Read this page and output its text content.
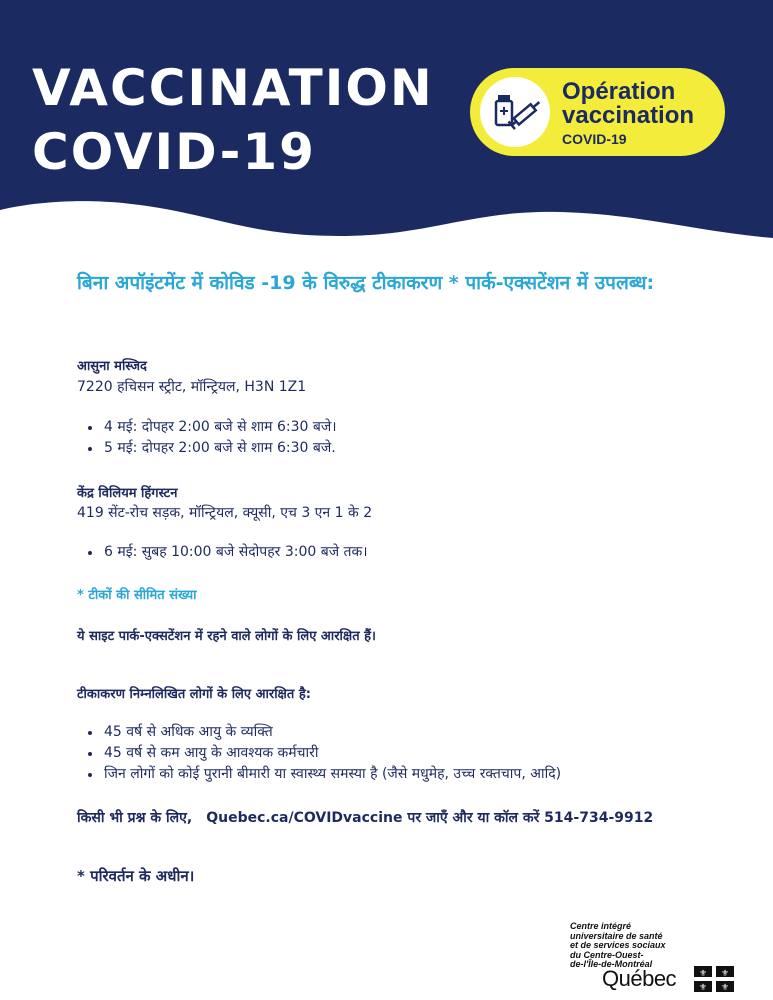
VACCINATION
COVID-19
Opération
vaccination
COVID-19
बिना अपॉइंटमेंट में कोविड -19 के विरुद्ध टीकाकरण * पार्क-एक्सटेंशन में उपलब्ध:
आसुना मस्जिद
7220 हचिसन स्ट्रीट, मॉन्ट्रियल, H3N 1Z1
4 मई: दोपहर 2:00 बजे से शाम 6:30 बजे।
5 मई: दोपहर 2:00 बजे से शाम 6:30 बजे.
केंद्र विलियम हिंगस्टन
419 सेंट-रोच सड़क, मॉन्ट्रियल, क्यूसी, एच 3 एन 1 के 2
6 मई: सुबह 10:00 बजे सेदोपहर 3:00 बजे तक।
* टीकों की सीमित संख्या
ये साइट पार्क-एक्सटेंशन में रहने वाले लोगों के लिए आरक्षित हैं।
टीकाकरण निम्नलिखित लोगों के लिए आरक्षित है:
45 वर्ष से अधिक आयु के व्यक्ति
45 वर्ष से कम आयु के आवश्यक कर्मचारी
जिन लोगों को कोई पुरानी बीमारी या स्वास्थ्य समस्या है (जैसे मधुमेह, उच्च रक्तचाप, आदि)
किसी भी प्रश्न के लिए, Quebec.ca/COVIDvaccine पर जाएँ और या कॉल करें 514-734-9912
* परिवर्तन के अधीन।
Centre intégré
universitaire de santé
et de services sociaux
du Centre-Ouest-
de-l'Île-de-Montréal
Québec	⚜ ⚜
⚜ ⚜
